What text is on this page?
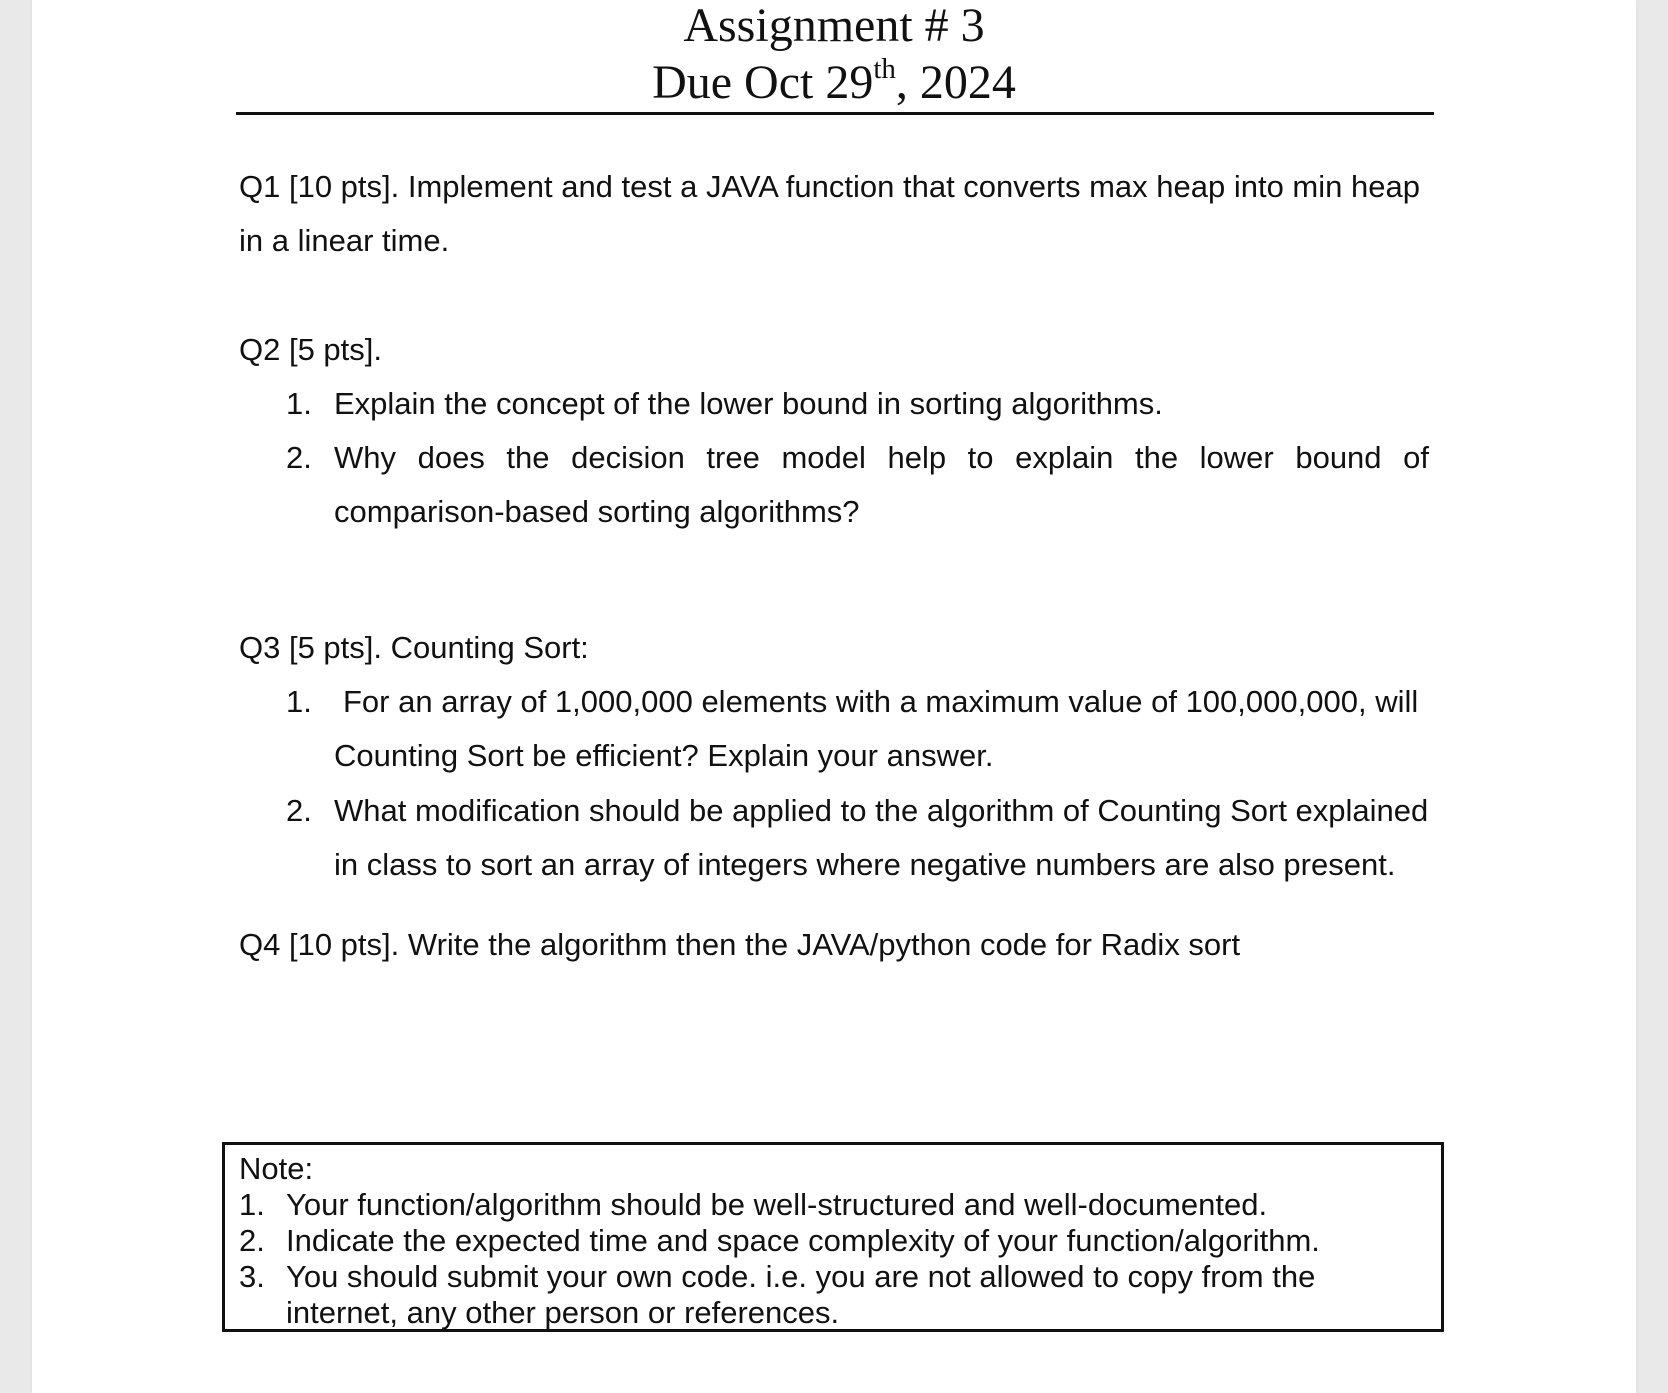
Assignment # 3
Due Oct 29th, 2024
Q1 [10 pts]. Implement and test a JAVA function that converts max heap into min heap
in a linear time.
Q2 [5 pts].
1. Explain the concept of the lower bound in sorting algorithms.
2. Why does the decision tree model help to explain the lower bound of
comparison-based sorting algorithms?
Q3 [5 pts]. Counting Sort:
1. For an array of 1,000,000 elements with a maximum value of 100,000,000, will
Counting Sort be efficient? Explain your answer.
2. What modification should be applied to the algorithm of Counting Sort explained
in class to sort an array of integers where negative numbers are also present.
Q4 [10 pts]. Write the algorithm then the JAVA/python code for Radix sort
Note:
1. Your function/algorithm should be well-structured and well-documented.
2. Indicate the expected time and space complexity of your function/algorithm.
3. You should submit your own code. i.e. you are not allowed to copy from the
internet, any other person or references.
